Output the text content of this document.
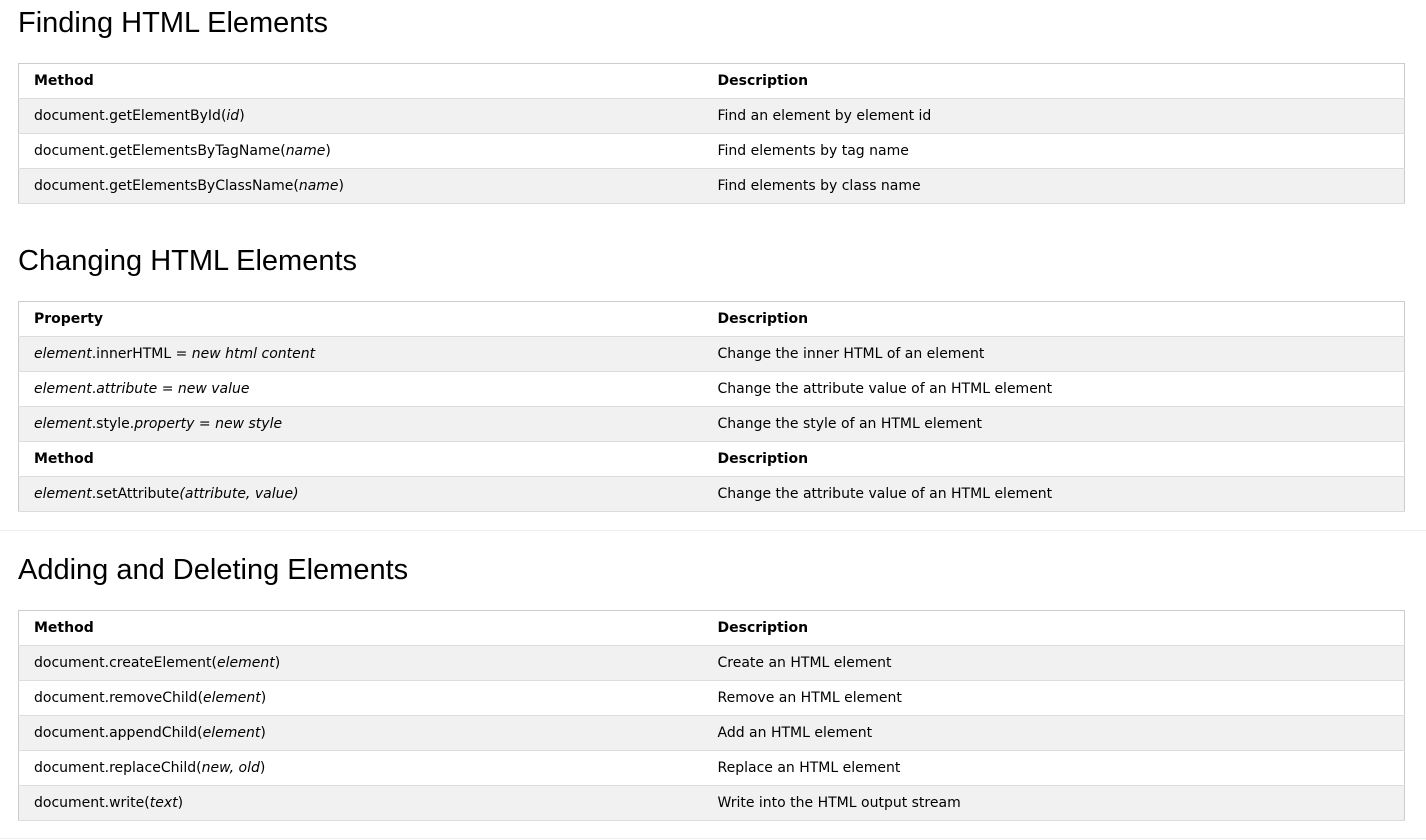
Finding HTML Elements
Method	Description
document.getElementById(id)	Find an element by element id
document.getElementsByTagName(name)	Find elements by tag name
document.getElementsByClassName(name)	Find elements by class name
Changing HTML Elements
Property	Description
element.innerHTML = new html content	Change the inner HTML of an element
element.attribute = new value	Change the attribute value of an HTML element
element.style.property = new style	Change the style of an HTML element
Method	Description
element.setAttribute(attribute, value)	Change the attribute value of an HTML element
Adding and Deleting Elements
Method	Description
document.createElement(element)	Create an HTML element
document.removeChild(element)	Remove an HTML element
document.appendChild(element)	Add an HTML element
document.replaceChild(new, old)	Replace an HTML element
document.write(text)	Write into the HTML output stream
